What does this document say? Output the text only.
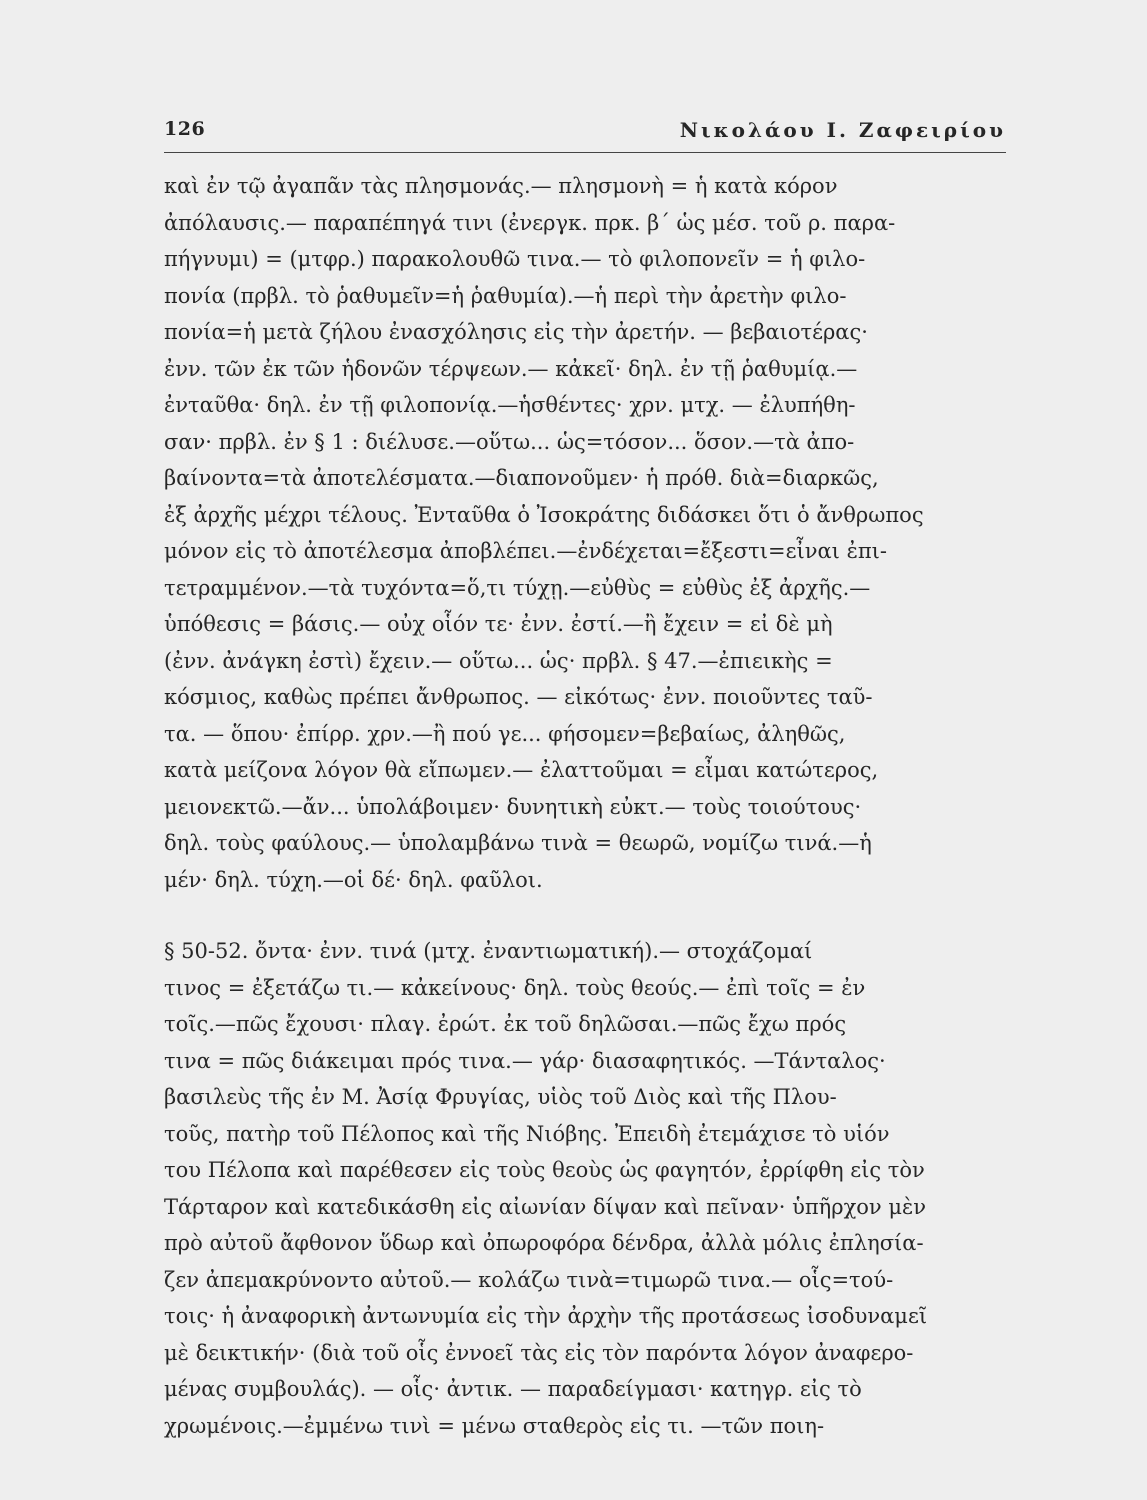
126	Νικολάου Ι. Ζαφειρίου
καὶ ἐν τῷ ἀγαπᾶν τὰς πλησμονάς.— πλησμονὴ = ἡ κατὰ κόρον
ἀπόλαυσις.— παραπέπηγά τινι (ἐνεργκ. πρκ. β΄ ὡς μέσ. τοῦ ρ. παρα-
πήγνυμι) = (μτφρ.) παρακολουθῶ τινα.— τὸ φιλοπονεῖν = ἡ φιλο-
πονία (πρβλ. τὸ ῥαθυμεῖν=ἡ ῥαθυμία).—ἡ περὶ τὴν ἀρετὴν φιλο-
πονία=ἡ μετὰ ζήλου ἐνασχόλησις εἰς τὴν ἀρετήν. — βεβαιοτέρας·
ἐνν. τῶν ἐκ τῶν ἡδονῶν τέρψεων.— κἀκεῖ· δηλ. ἐν τῇ ῥαθυμίᾳ.—
ἐνταῦθα· δηλ. ἐν τῇ φιλοπονίᾳ.—ἡσθέντες· χρν. μτχ. — ἐλυπήθη-
σαν· πρβλ. ἐν § 1 : διέλυσε.—οὕτω... ὡς=τόσον... ὅσον.—τὰ ἀπο-
βαίνοντα=τὰ ἀποτελέσματα.—διαπονοῦμεν· ἡ πρόθ. διὰ=διαρκῶς,
ἐξ ἀρχῆς μέχρι τέλους. Ἐνταῦθα ὁ Ἰσοκράτης διδάσκει ὅτι ὁ ἄνθρωπος
μόνον εἰς τὸ ἀποτέλεσμα ἀποβλέπει.—ἐνδέχεται=ἔξεστι=εἶναι ἐπι-
τετραμμένον.—τὰ τυχόντα=ὅ,τι τύχῃ.—εὐθὺς = εὐθὺς ἐξ ἀρχῆς.—
ὑπόθεσις = βάσις.— οὐχ οἷόν τε· ἐνν. ἐστί.—ἢ ἔχειν = εἰ δὲ μὴ
(ἐνν. ἀνάγκη ἐστὶ) ἔχειν.— οὕτω... ὡς· πρβλ. § 47.—ἐπιεικὴς =
κόσμιος, καθὼς πρέπει ἄνθρωπος. — εἰκότως· ἐνν. ποιοῦντες ταῦ-
τα. — ὅπου· ἐπίρρ. χρν.—ἢ πού γε... φήσομεν=βεβαίως, ἀληθῶς,
κατὰ μείζονα λόγον θὰ εἴπωμεν.— ἐλαττοῦμαι = εἶμαι κατώτερος,
μειονεκτῶ.—ἄν... ὑπολάβοιμεν· δυνητικὴ εὐκτ.— τοὺς τοιούτους·
δηλ. τοὺς φαύλους.— ὑπολαμβάνω τινὰ = θεωρῶ, νομίζω τινά.—ἡ
μέν· δηλ. τύχη.—οἱ δέ· δηλ. φαῦλοι.
§ 50-52. ὄντα· ἐνν. τινά (μτχ. ἐναντιωματική).— στοχάζομαί
τινος = ἐξετάζω τι.— κἀκείνους· δηλ. τοὺς θεούς.— ἐπὶ τοῖς = ἐν
τοῖς.—πῶς ἔχουσι· πλαγ. ἐρώτ. ἐκ τοῦ δηλῶσαι.—πῶς ἔχω πρός
τινα = πῶς διάκειμαι πρός τινα.— γάρ· διασαφητικός. —Τάνταλος·
βασιλεὺς τῆς ἐν Μ. Ἀσίᾳ Φρυγίας, υἱὸς τοῦ Διὸς καὶ τῆς Πλου-
τοῦς, πατὴρ τοῦ Πέλοπος καὶ τῆς Νιόβης. Ἐπειδὴ ἐτεμάχισε τὸ υἱόν
του Πέλοπα καὶ παρέθεσεν εἰς τοὺς θεοὺς ὡς φαγητόν, ἐρρίφθη εἰς τὸν
Τάρταρον καὶ κατεδικάσθη εἰς αἰωνίαν δίψαν καὶ πεῖναν· ὑπῆρχον μὲν
πρὸ αὐτοῦ ἄφθονον ὕδωρ καὶ ὀπωροφόρα δένδρα, ἀλλὰ μόλις ἐπλησία-
ζεν ἀπεμακρύνοντο αὐτοῦ.— κολάζω τινὰ=τιμωρῶ τινα.— οἷς=τού-
τοις· ἡ ἀναφορικὴ ἀντωνυμία εἰς τὴν ἀρχὴν τῆς προτάσεως ἰσοδυναμεῖ
μὲ δεικτικήν· (διὰ τοῦ οἷς ἐννοεῖ τὰς εἰς τὸν παρόντα λόγον ἀναφερο-
μένας συμβουλάς). — οἷς· ἀντικ. — παραδείγμασι· κατηγρ. εἰς τὸ
χρωμένοις.—ἐμμένω τινὶ = μένω σταθερὸς εἰς τι. —τῶν ποιη-
